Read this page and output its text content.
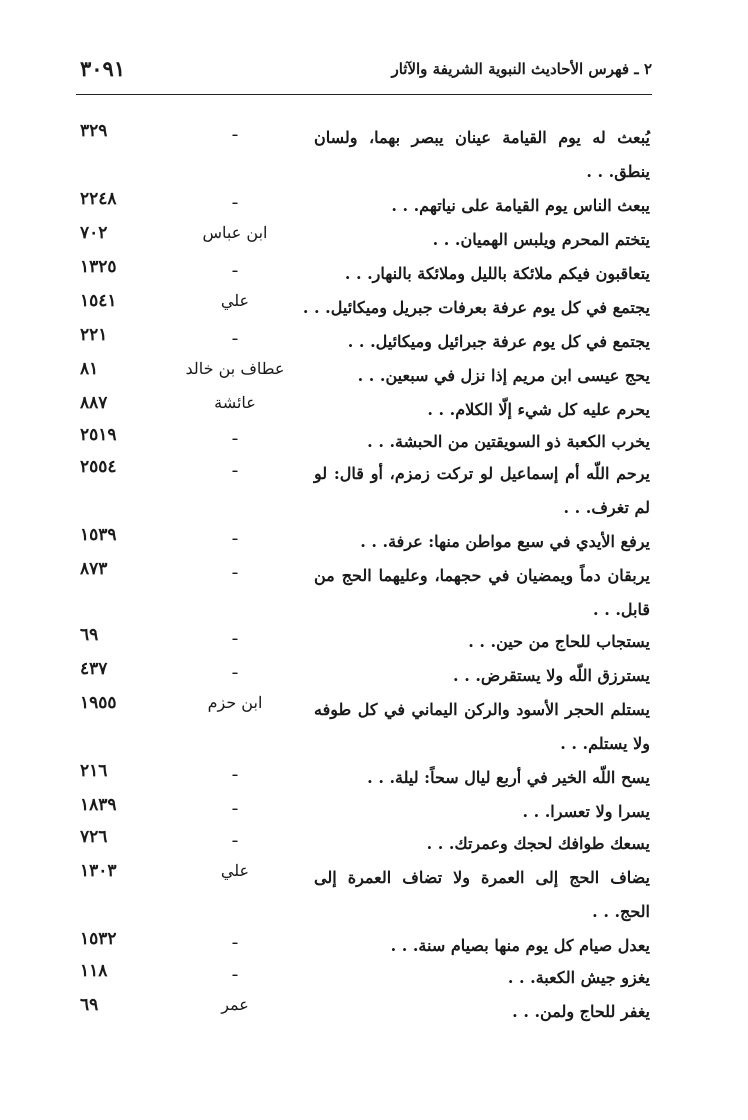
٣٠٩١	٢ ـ فهرس الأحاديث النبوية الشريفة والآثار
يُبعث له يوم القيامة عينان يبصر بهما، ولسان ينطق. . .
ـ
٣٢٩
يبعث الناس يوم القيامة على نياتهم. . .
ـ
٢٢٤٨
يتختم المحرم ويلبس الهميان. . .
ابن عباس
٧٠٢
يتعاقبون فيكم ملائكة بالليل وملائكة بالنهار. . .
ـ
١٣٢٥
يجتمع في كل يوم عرفة بعرفات جبريل وميكائيل. . .
علي
١٥٤١
يجتمع في كل يوم عرفة جبرائيل وميكائيل. . .
ـ
٢٢١
يحج عيسى ابن مريم إذا نزل في سبعين. . .
عطاف بن خالد
٨١
يحرم عليه كل شيء إلّا الكلام. . .
عائشة
٨٨٧
يخرب الكعبة ذو السويقتين من الحبشة. . .
ـ
٢٥١٩
يرحم اللّه أم إسماعيل لو تركت زمزم، أو قال: لو لم تغرف. . .
ـ
٢٥٥٤
يرفع الأيدي في سبع مواطن منها: عرفة. . .
ـ
١٥٣٩
يربقان دماً ويمضيان في حجهما، وعليهما الحج من قابل. . .
ـ
٨٧٣
يستجاب للحاج من حين. . .
ـ
٦٩
يسترزق اللّه ولا يستقرض. . .
ـ
٤٣٧
يستلم الحجر الأسود والركن اليماني في كل طوفه ولا يستلم. . .
ابن حزم
١٩٥٥
يسح اللّه الخير في أربع ليال سحاً: ليلة. . .
ـ
٢١٦
يسرا ولا تعسرا. . .
ـ
١٨٣٩
يسعك طوافك لحجك وعمرتك. . .
ـ
٧٢٦
يضاف الحج إلى العمرة ولا تضاف العمرة إلى الحج. . .
علي
١٣٠٣
يعدل صيام كل يوم منها بصيام سنة. . .
ـ
١٥٣٢
يغزو جيش الكعبة. . .
ـ
١١٨
يغفر للحاج ولمن. . .
عمر
٦٩
